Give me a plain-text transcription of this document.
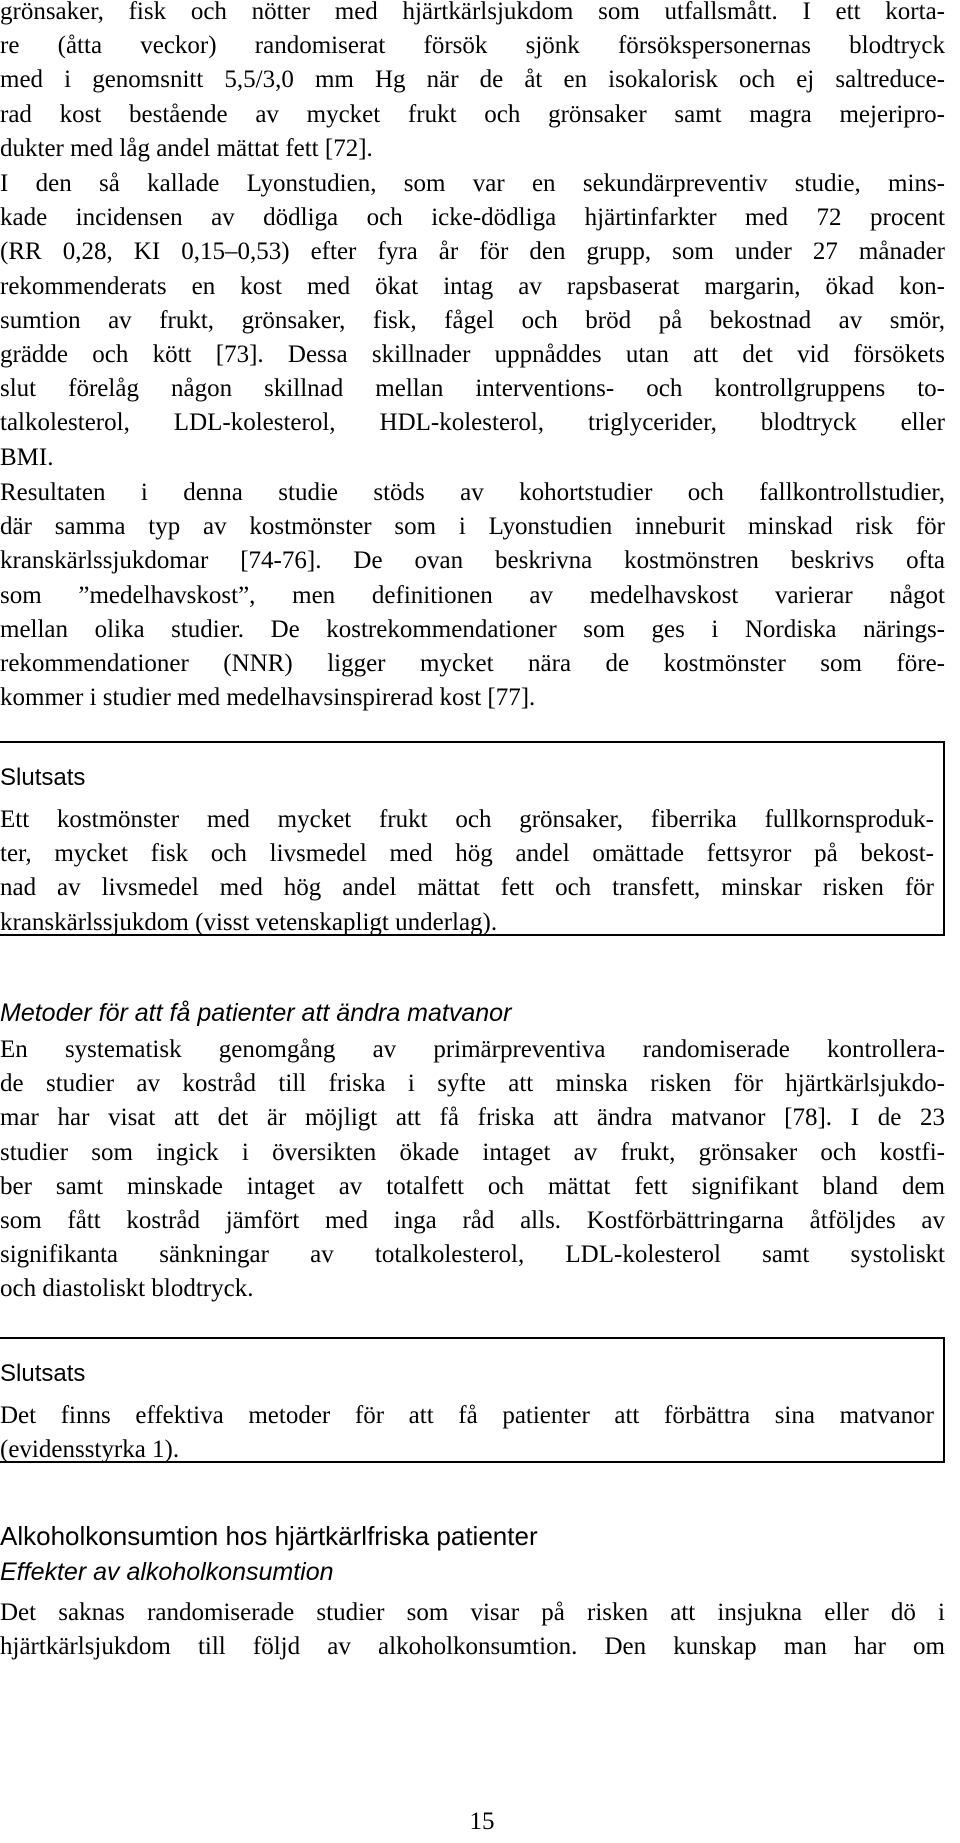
grönsaker, fisk och nötter med hjärtkärlsjukdom som utfallsmått. I ett korta-
re (åtta veckor) randomiserat försök sjönk försökspersonernas blodtryck
med i genomsnitt 5,5/3,0 mm Hg när de åt en isokalorisk och ej saltreduce-
rad kost bestående av mycket frukt och grönsaker samt magra mejeripro-
dukter med låg andel mättat fett [72].
I den så kallade Lyonstudien, som var en sekundärpreventiv studie, mins-
kade incidensen av dödliga och icke-dödliga hjärtinfarkter med 72 procent
(RR 0,28, KI 0,15–0,53) efter fyra år för den grupp, som under 27 månader
rekommenderats en kost med ökat intag av rapsbaserat margarin, ökad kon-
sumtion av frukt, grönsaker, fisk, fågel och bröd på bekostnad av smör,
grädde och kött [73]. Dessa skillnader uppnåddes utan att det vid försökets
slut förelåg någon skillnad mellan interventions- och kontrollgruppens to-
talkolesterol, LDL-kolesterol, HDL-kolesterol, triglycerider, blodtryck eller
BMI.
Resultaten i denna studie stöds av kohortstudier och fallkontrollstudier,
där samma typ av kostmönster som i Lyonstudien inneburit minskad risk för
kranskärlssjukdomar [74-76]. De ovan beskrivna kostmönstren beskrivs ofta
som ”medelhavskost”, men definitionen av medelhavskost varierar något
mellan olika studier. De kostrekommendationer som ges i Nordiska närings-
rekommendationer (NNR) ligger mycket nära de kostmönster som före-
kommer i studier med medelhavsinspirerad kost [77].
Slutsats
Ett kostmönster med mycket frukt och grönsaker, fiberrika fullkornsproduk-
ter, mycket fisk och livsmedel med hög andel omättade fettsyror på bekost-
nad av livsmedel med hög andel mättat fett och transfett, minskar risken för
kranskärlssjukdom (visst vetenskapligt underlag).
Metoder för att få patienter att ändra matvanor
En systematisk genomgång av primärpreventiva randomiserade kontrollera-
de studier av kostråd till friska i syfte att minska risken för hjärtkärlsjukdo-
mar har visat att det är möjligt att få friska att ändra matvanor [78]. I de 23
studier som ingick i översikten ökade intaget av frukt, grönsaker och kostfi-
ber samt minskade intaget av totalfett och mättat fett signifikant bland dem
som fått kostråd jämfört med inga råd alls. Kostförbättringarna åtföljdes av
signifikanta sänkningar av totalkolesterol, LDL-kolesterol samt systoliskt
och diastoliskt blodtryck.
Slutsats
Det finns effektiva metoder för att få patienter att förbättra sina matvanor
(evidensstyrka 1).
Alkoholkonsumtion hos hjärtkärlfriska patienter
Effekter av alkoholkonsumtion
Det saknas randomiserade studier som visar på risken att insjukna eller dö i
hjärtkärlsjukdom till följd av alkoholkonsumtion. Den kunskap man har om
15
